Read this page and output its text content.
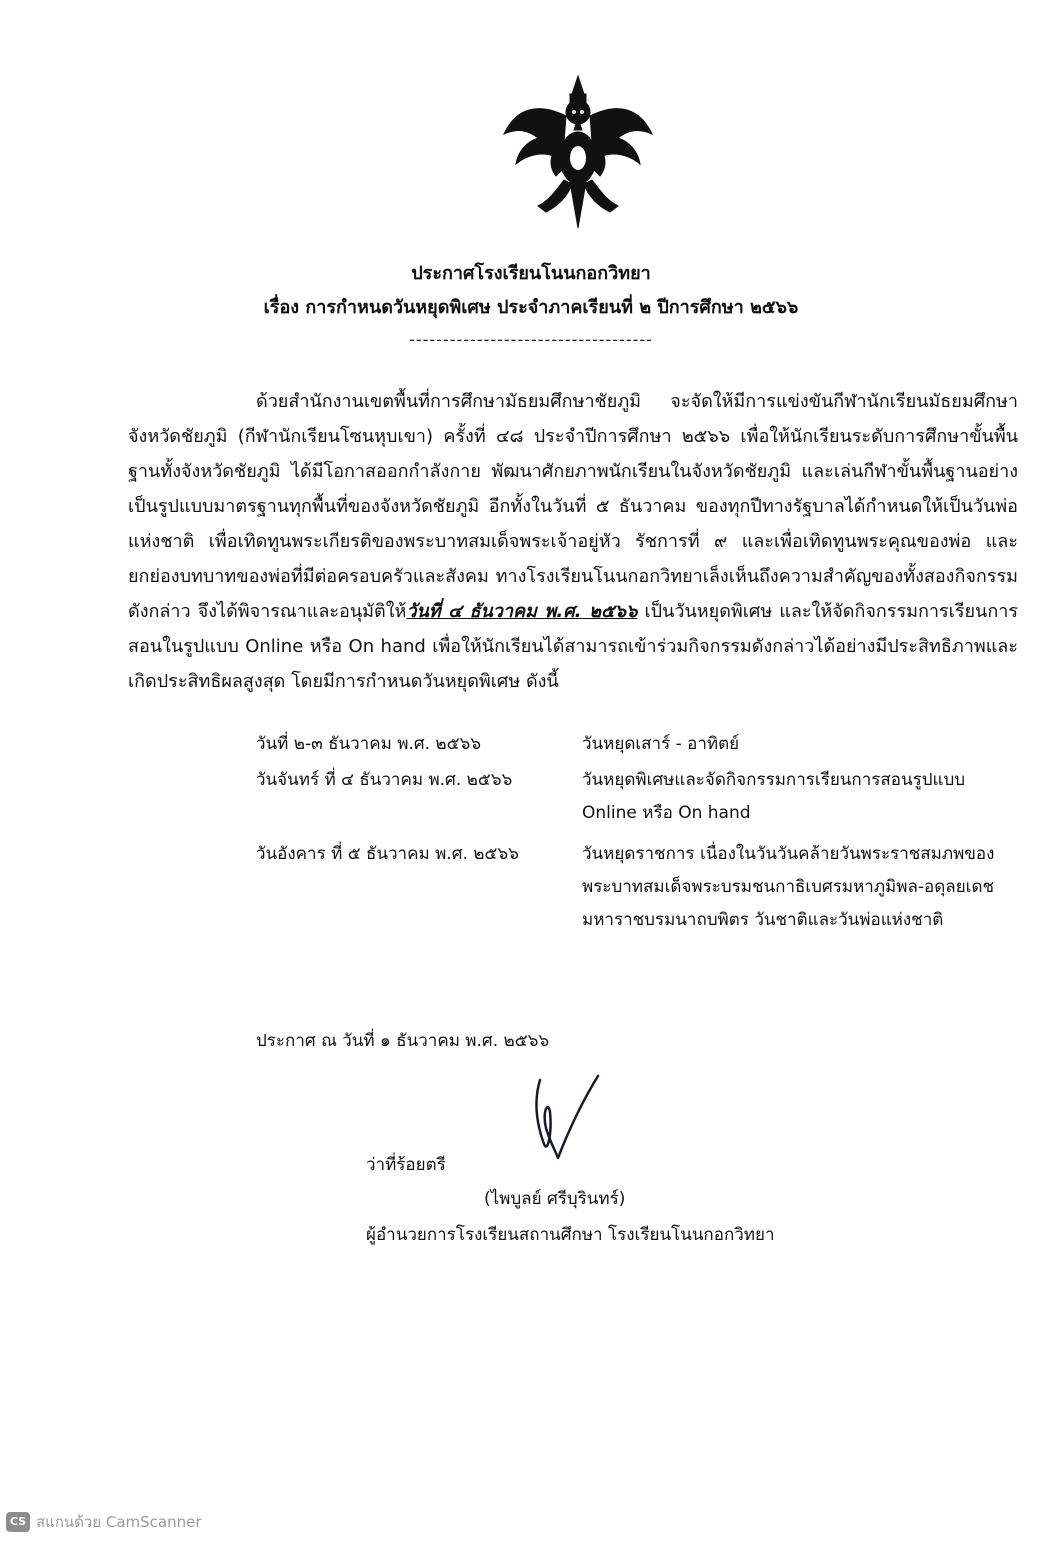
ประกาศโรงเรียนโนนกอกวิทยา
เรื่อง การกำหนดวันหยุดพิเศษ ประจำภาคเรียนที่ ๒ ปีการศึกษา ๒๕๖๖
------------------------------------
ด้วยสำนักงานเขตพื้นที่การศึกษามัธยมศึกษาชัยภูมิ จะจัดให้มีการแข่งขันกีฬานักเรียนมัธยมศึกษาจังหวัดชัยภูมิ (กีฬานักเรียนโซนหุบเขา) ครั้งที่ ๔๘ ประจำปีการศึกษา ๒๕๖๖ เพื่อให้นักเรียนระดับการศึกษาขั้นพื้นฐานทั้งจังหวัดชัยภูมิ ได้มีโอกาสออกกำลังกาย พัฒนาศักยภาพนักเรียนในจังหวัดชัยภูมิ และเล่นกีฬาขั้นพื้นฐานอย่างเป็นรูปแบบมาตรฐานทุกพื้นที่ของจังหวัดชัยภูมิ อีกทั้งในวันที่ ๕ ธันวาคม ของทุกปีทางรัฐบาลได้กำหนดให้เป็นวันพ่อแห่งชาติ เพื่อเทิดทูนพระเกียรติของพระบาทสมเด็จพระเจ้าอยู่หัว รัชการที่ ๙ และเพื่อเทิดทูนพระคุณของพ่อ และยกย่องบทบาทของพ่อที่มีต่อครอบครัวและสังคม ทางโรงเรียนโนนกอกวิทยาเล็งเห็นถึงความสำคัญของทั้งสองกิจกรรมดังกล่าว จึงได้พิจารณาและอนุมัติให้วันที่ ๔ ธันวาคม พ.ศ. ๒๕๖๖ เป็นวันหยุดพิเศษ และให้จัดกิจกรรมการเรียนการสอนในรูปแบบ Online หรือ On hand เพื่อให้นักเรียนได้สามารถเข้าร่วมกิจกรรมดังกล่าวได้อย่างมีประสิทธิภาพและเกิดประสิทธิผลสูงสุด โดยมีการกำหนดวันหยุดพิเศษ ดังนี้
วันที่ ๒-๓ ธันวาคม พ.ศ. ๒๕๖๖	วันหยุดเสาร์ - อาทิตย์
วันจันทร์ ที่ ๔ ธันวาคม พ.ศ. ๒๕๖๖	วันหยุดพิเศษและจัดกิจกรรมการเรียนการสอนรูปแบบ Online หรือ On hand
วันอังคาร ที่ ๕ ธันวาคม พ.ศ. ๒๕๖๖	วันหยุดราชการ เนื่องในวันวันคล้ายวันพระราชสมภพของพระบาทสมเด็จพระบรมชนกาธิเบศรมหาภูมิพล-อดุลยเดชมหาราชบรมนาถบพิตร วันชาติและวันพ่อแห่งชาติ
ประกาศ ณ วันที่ ๑ ธันวาคม พ.ศ. ๒๕๖๖
ว่าที่ร้อยตรี
(ไพบูลย์ ศรีบุรินทร์)
ผู้อำนวยการโรงเรียนสถานศึกษา โรงเรียนโนนกอกวิทยา
CS สแกนด้วย CamScanner
